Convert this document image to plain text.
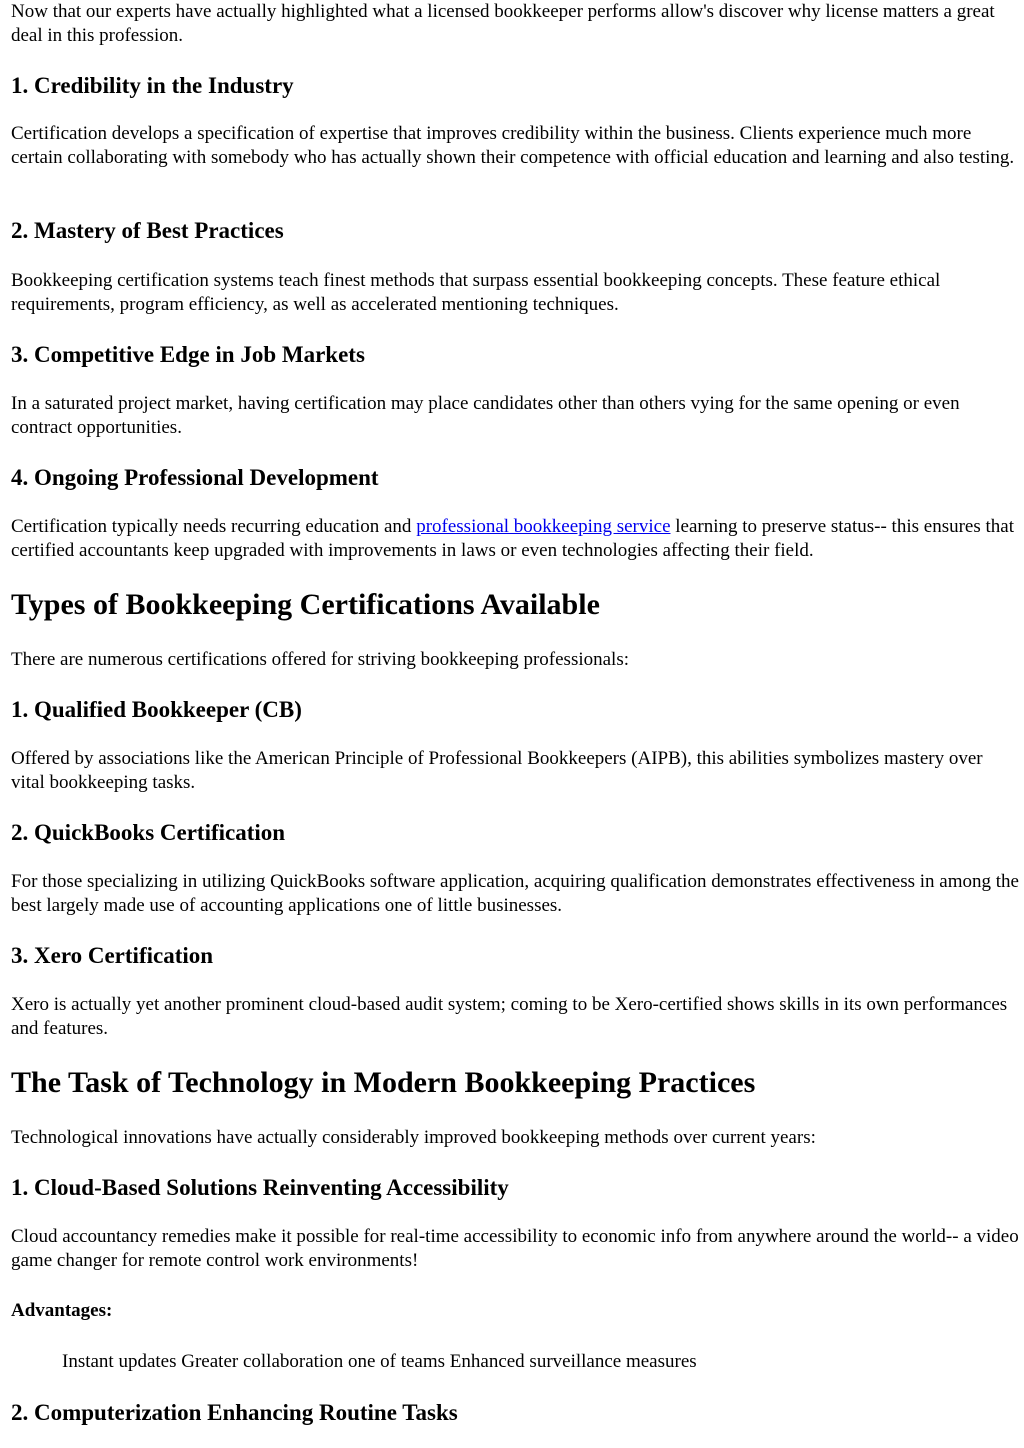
Now that our experts have actually highlighted what a licensed bookkeeper performs allow's discover why license matters a great deal in this profession.

1. Credibility in the Industry

Certification develops a specification of expertise that improves credibility within the business. Clients experience much more certain collaborating with somebody who has actually shown their competence with official education and learning and also testing.

2. Mastery of Best Practices

Bookkeeping certification systems teach finest methods that surpass essential bookkeeping concepts. These feature ethical requirements, program efficiency, as well as accelerated mentioning techniques.

3. Competitive Edge in Job Markets

In a saturated project market, having certification may place candidates other than others vying for the same opening or even contract opportunities.

4. Ongoing Professional Development

Certification typically needs recurring education and professional bookkeeping service learning to preserve status-- this ensures that certified accountants keep upgraded with improvements in laws or even technologies affecting their field.

Types of Bookkeeping Certifications Available

There are numerous certifications offered for striving bookkeeping professionals:

1. Qualified Bookkeeper (CB)

Offered by associations like the American Principle of Professional Bookkeepers (AIPB), this abilities symbolizes mastery over vital bookkeeping tasks.

2. QuickBooks Certification

For those specializing in utilizing QuickBooks software application, acquiring qualification demonstrates effectiveness in among the best largely made use of accounting applications one of little businesses.

3. Xero Certification

Xero is actually yet another prominent cloud-based audit system; coming to be Xero-certified shows skills in its own performances and features.

The Task of Technology in Modern Bookkeeping Practices

Technological innovations have actually considerably improved bookkeeping methods over current years:

1. Cloud-Based Solutions Reinventing Accessibility

Cloud accountancy remedies make it possible for real-time accessibility to economic info from anywhere around the world-- a video game changer for remote control work environments!

Advantages:

Instant updates Greater collaboration one of teams Enhanced surveillance measures

2. Computerization Enhancing Routine Tasks
